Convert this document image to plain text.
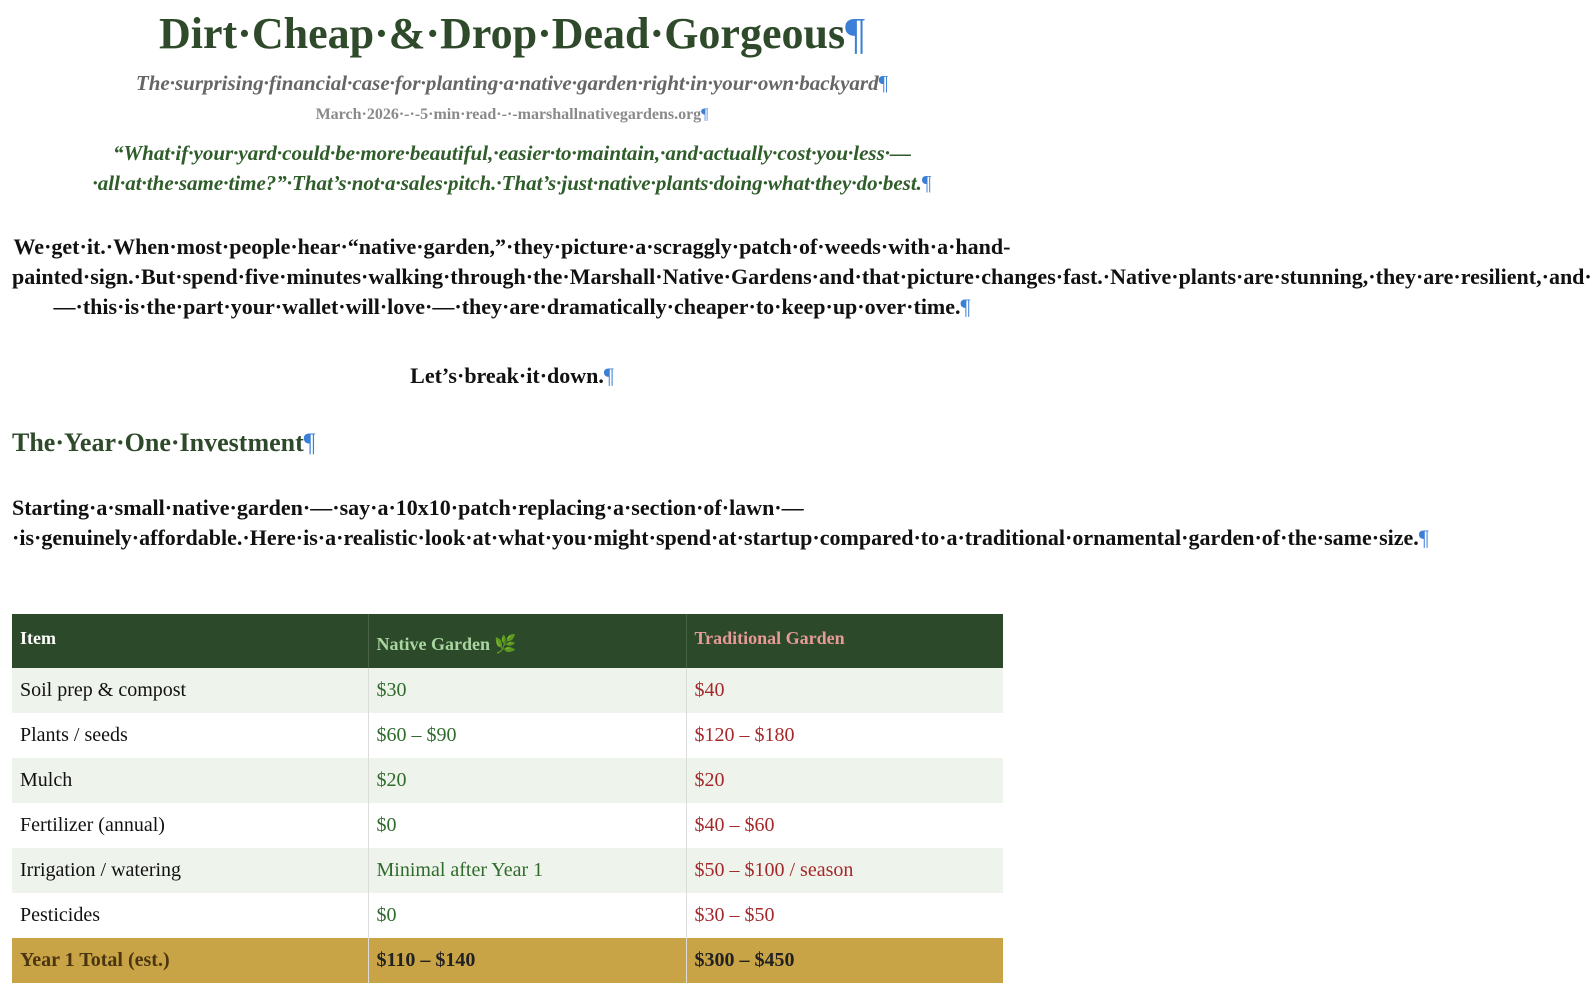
Dirt·Cheap·&·Drop·Dead·Gorgeous¶

The·surprising·financial·case·for·planting·a·native·garden·right·in·your·own·backyard¶

March·2026·-·-5·min·read·-·-marshallnativegardens.org¶

“What·if·your·yard·could·be·more·beautiful,·easier·to·maintain,·and·actually·cost·you·less·—·all·at·the·same·time?”·That’s·not·a·sales·pitch.·That’s·just·native·plants·doing·what·they·do·best.¶

We·get·it.·When·most·people·hear·“native·garden,”·they·picture·a·scraggly·patch·of·weeds·with·a·hand-painted·sign.·But·spend·five·minutes·walking·through·the·Marshall·Native·Gardens·and·that·picture·changes·fast.·Native·plants·are·stunning,·they·are·resilient,·and·—·this·is·the·part·your·wallet·will·love·—·they·are·dramatically·cheaper·to·keep·up·over·time.¶

Let’s·break·it·down.¶

The·Year·One·Investment¶

Starting·a·small·native·garden·—·say·a·10x10·patch·replacing·a·section·of·lawn·—·is·genuinely·affordable.·Here·is·a·realistic·look·at·what·you·might·spend·at·startup·compared·to·a·traditional·ornamental·garden·of·the·same·size.¶

Item	Native Garden 🌿	Traditional Garden
Soil prep & compost	$30	$40
Plants / seeds	$60 – $90	$120 – $180
Mulch	$20	$20
Fertilizer (annual)	$0	$40 – $60
Irrigation / watering	Minimal after Year 1	$50 – $100 / season
Pesticides	$0	$30 – $50
Year 1 Total (est.)	$110 – $140	$300 – $450
